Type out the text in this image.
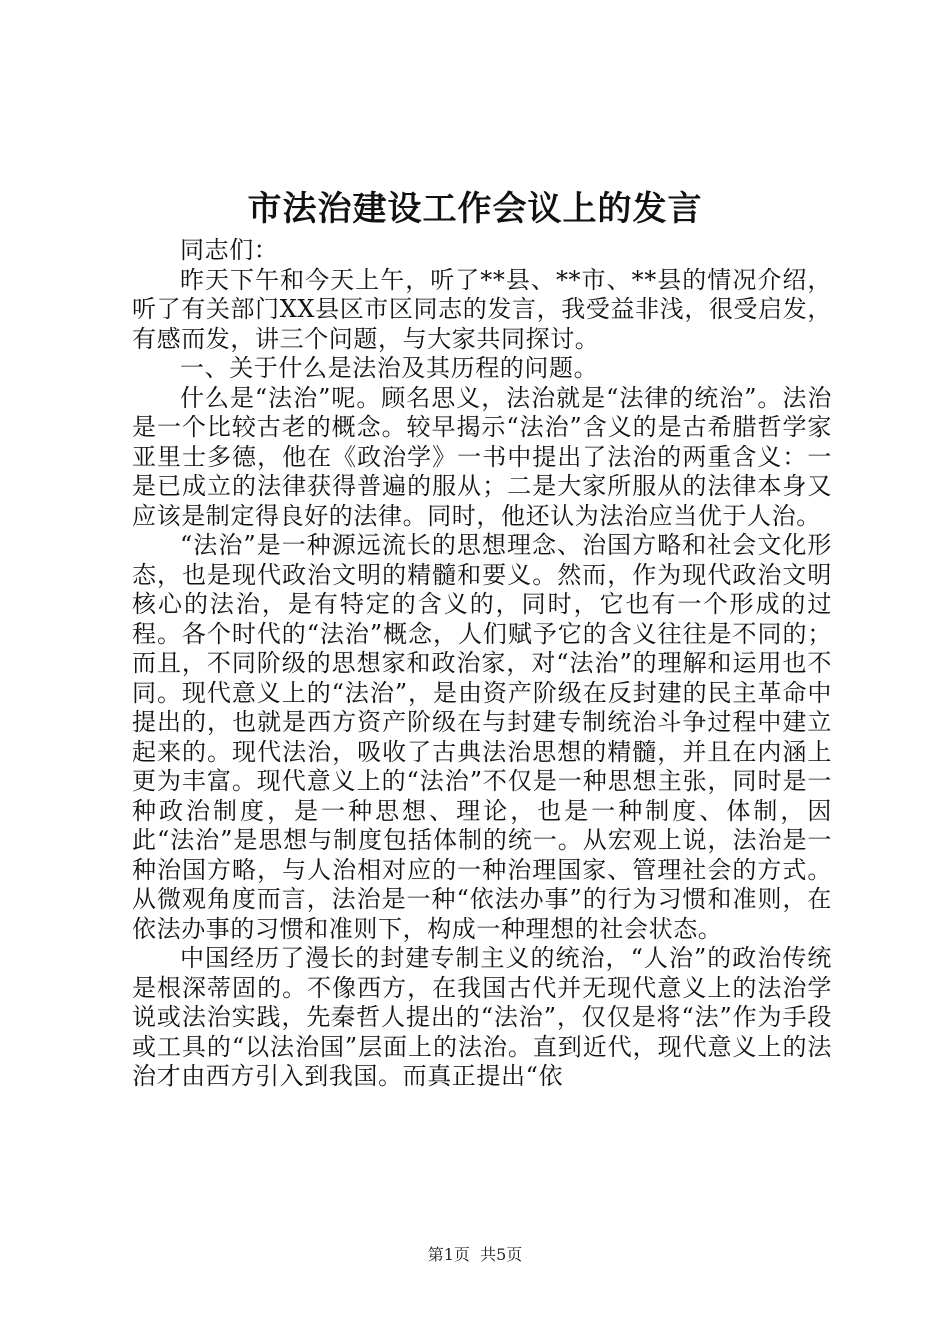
市法治建设工作会议上的发言

同志们：

昨天下午和今天上午，听了**县、**市、**县的情况介绍，听了有关部门XX县区市区同志的发言，我受益非浅，很受启发，有感而发，讲三个问题，与大家共同探讨。

一、关于什么是法治及其历程的问题。

什么是“法治”呢。顾名思义，法治就是“法律的统治”。法治是一个比较古老的概念。较早揭示“法治”含义的是古希腊哲学家亚里士多德，他在《政治学》一书中提出了法治的两重含义：一是已成立的法律获得普遍的服从；二是大家所服从的法律本身又应该是制定得良好的法律。同时，他还认为法治应当优于人治。

“法治”是一种源远流长的思想理念、治国方略和社会文化形态，也是现代政治文明的精髓和要义。然而，作为现代政治文明核心的法治，是有特定的含义的，同时，它也有一个形成的过程。各个时代的“法治”概念，人们赋予它的含义往往是不同的；而且，不同阶级的思想家和政治家，对“法治”的理解和运用也不同。现代意义上的“法治”，是由资产阶级在反封建的民主革命中提出的，也就是西方资产阶级在与封建专制统治斗争过程中建立起来的。现代法治，吸收了古典法治思想的精髓，并且在内涵上更为丰富。现代意义上的“法治”不仅是一种思想主张，同时是一种政治制度，是一种思想、理论，也是一种制度、体制，因此“法治”是思想与制度包括体制的统一。从宏观上说，法治是一种治国方略，与人治相对应的一种治理国家、管理社会的方式。从微观角度而言，法治是一种“依法办事”的行为习惯和准则，在依法办事的习惯和准则下，构成一种理想的社会状态。

中国经历了漫长的封建专制主义的统治，“人治”的政治传统是根深蒂固的。不像西方，在我国古代并无现代意义上的法治学说或法治实践，先秦哲人提出的“法治”，仅仅是将“法”作为手段或工具的“以法治国”层面上的法治。直到近代，现代意义上的法治才由西方引入到我国。而真正提出“依

第1页 共5页
